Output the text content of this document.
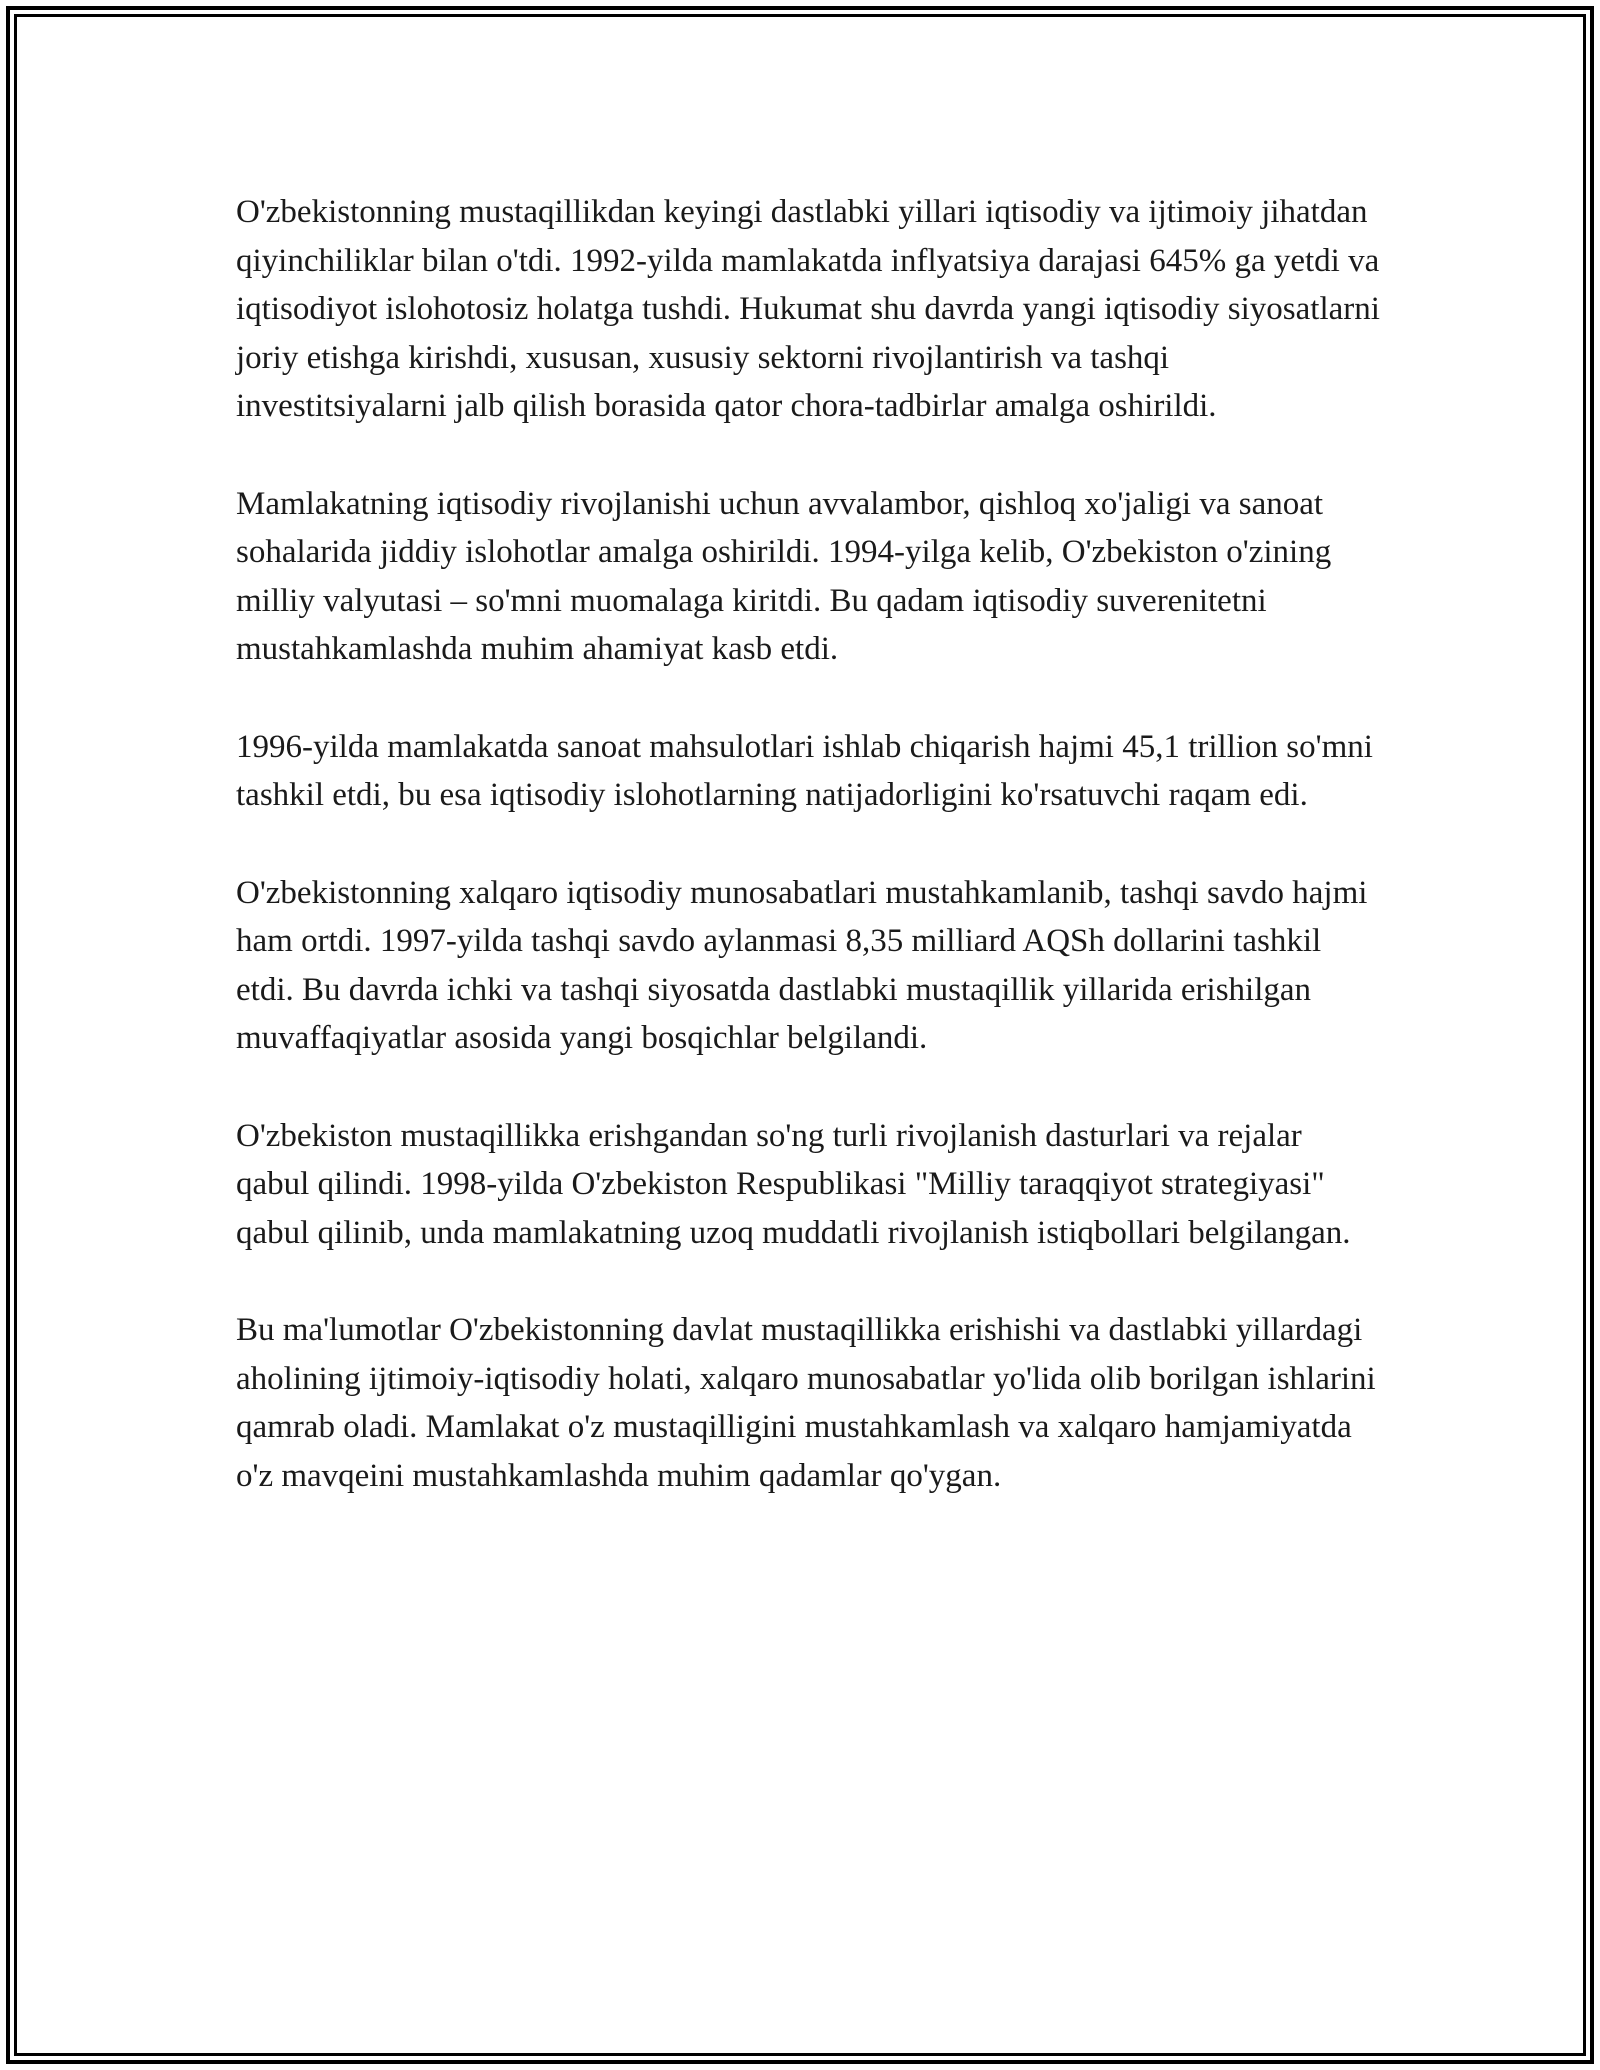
O'zbekistonning mustaqillikdan keyingi dastlabki yillari iqtisodiy va ijtimoiy jihatdan qiyinchiliklar bilan o'tdi. 1992-yilda mamlakatda inflyatsiya darajasi 645% ga yetdi va iqtisodiyot islohotosiz holatga tushdi. Hukumat shu davrda yangi iqtisodiy siyosatlarni joriy etishga kirishdi, xususan, xususiy sektorni rivojlantirish va tashqi investitsiyalarni jalb qilish borasida qator chora-tadbirlar amalga oshirildi.

Mamlakatning iqtisodiy rivojlanishi uchun avvalambor, qishloq xo'jaligi va sanoat sohalarida jiddiy islohotlar amalga oshirildi. 1994-yilga kelib, O'zbekiston o'zining milliy valyutasi – so'mni muomalaga kiritdi. Bu qadam iqtisodiy suverenitetni mustahkamlashda muhim ahamiyat kasb etdi.

1996-yilda mamlakatda sanoat mahsulotlari ishlab chiqarish hajmi 45,1 trillion so'mni tashkil etdi, bu esa iqtisodiy islohotlarning natijadorligini ko'rsatuvchi raqam edi.

O'zbekistonning xalqaro iqtisodiy munosabatlari mustahkamlanib, tashqi savdo hajmi ham ortdi. 1997-yilda tashqi savdo aylanmasi 8,35 milliard AQSh dollarini tashkil etdi. Bu davrda ichki va tashqi siyosatda dastlabki mustaqillik yillarida erishilgan muvaffaqiyatlar asosida yangi bosqichlar belgilandi.

O'zbekiston mustaqillikka erishgandan so'ng turli rivojlanish dasturlari va rejalar qabul qilindi. 1998-yilda O'zbekiston Respublikasi "Milliy taraqqiyot strategiyasi" qabul qilinib, unda mamlakatning uzoq muddatli rivojlanish istiqbollari belgilangan.

Bu ma'lumotlar O'zbekistonning davlat mustaqillikka erishishi va dastlabki yillardagi aholining ijtimoiy-iqtisodiy holati, xalqaro munosabatlar yo'lida olib borilgan ishlarini qamrab oladi. Mamlakat o'z mustaqilligini mustahkamlash va xalqaro hamjamiyatda o'z mavqeini mustahkamlashda muhim qadamlar qo'ygan.
